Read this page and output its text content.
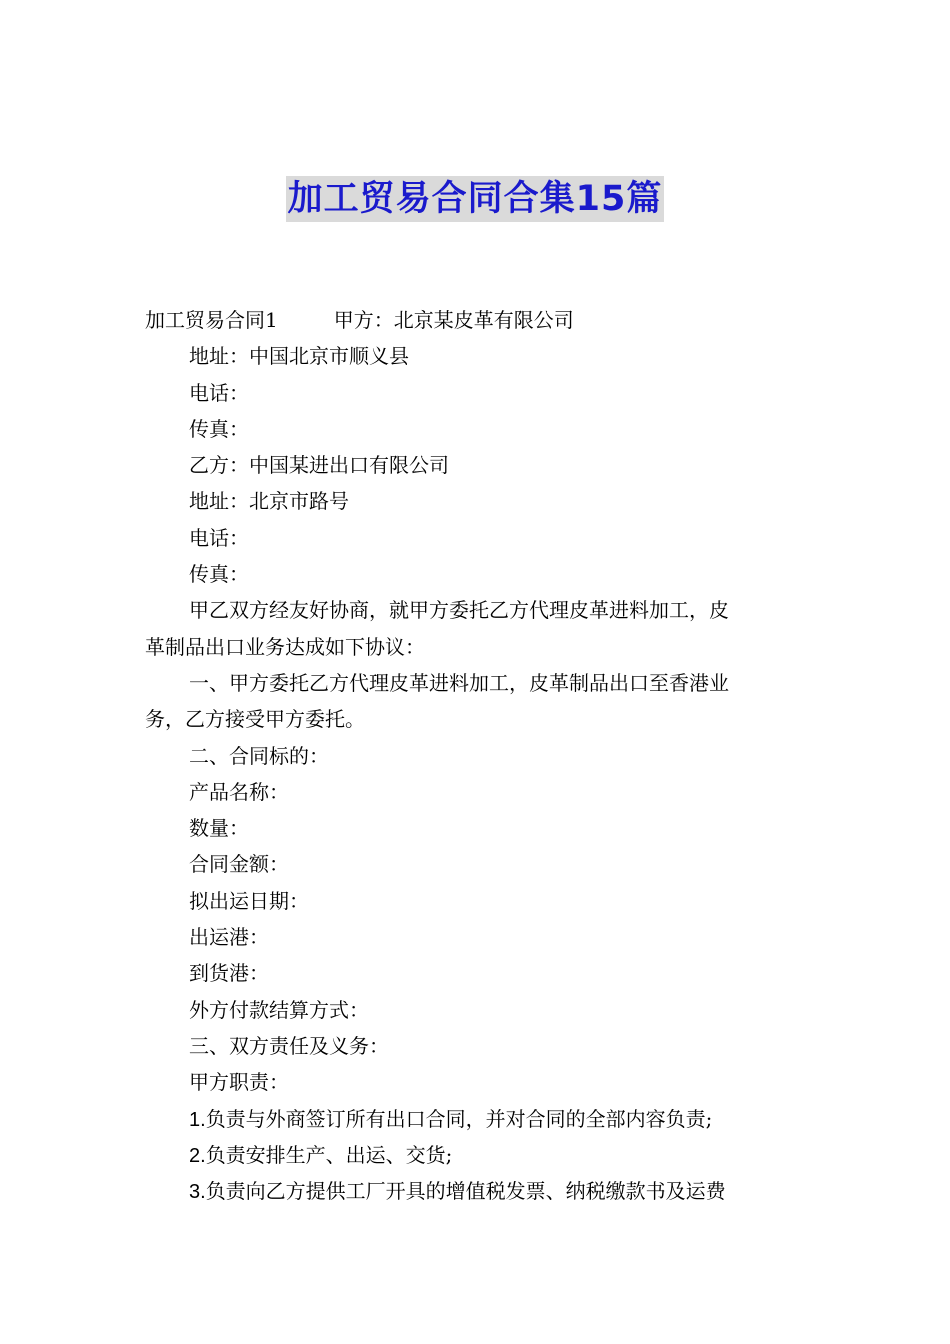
加工贸易合同合集15篇
加工贸易合同1	甲方：北京某皮革有限公司
地址：中国北京市顺义县
电话：
传真：
乙方：中国某进出口有限公司
地址：北京市路号
电话：
传真：
甲乙双方经友好协商，就甲方委托乙方代理皮革进料加工，皮
革制品出口业务达成如下协议：
一、甲方委托乙方代理皮革进料加工，皮革制品出口至香港业
务，乙方接受甲方委托。
二、合同标的：
产品名称：
数量：
合同金额：
拟出运日期：
出运港：
到货港：
外方付款结算方式：
三、双方责任及义务：
甲方职责：
1.负责与外商签订所有出口合同，并对合同的全部内容负责;
2.负责安排生产、出运、交货;
3.负责向乙方提供工厂开具的增值税发票、纳税缴款书及运费
